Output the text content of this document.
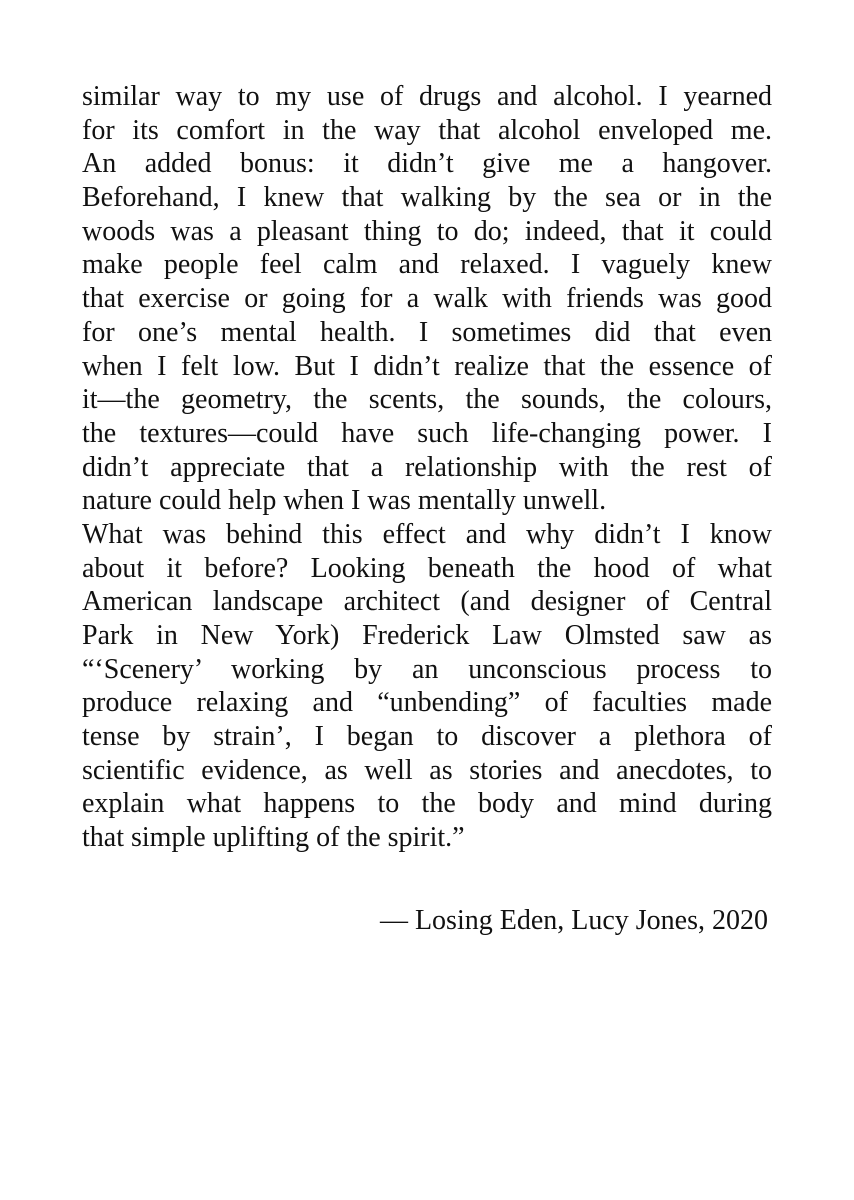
similar way to my use of drugs and alcohol. I yearned
for its comfort in the way that alcohol enveloped me.
An added bonus: it didn’t give me a hangover.
Beforehand, I knew that walking by the sea or in the
woods was a pleasant thing to do; indeed, that it could
make people feel calm and relaxed. I vaguely knew
that exercise or going for a walk with friends was good
for one’s mental health. I sometimes did that even
when I felt low. But I didn’t realize that the essence of
it—the geometry, the scents, the sounds, the colours,
the textures—could have such life-changing power. I
didn’t appreciate that a relationship with the rest of
nature could help when I was mentally unwell.
What was behind this effect and why didn’t I know
about it before? Looking beneath the hood of what
American landscape architect (and designer of Central
Park in New York) Frederick Law Olmsted saw as
“‘Scenery’ working by an unconscious process to
produce relaxing and “unbending” of faculties made
tense by strain’, I began to discover a plethora of
scientific evidence, as well as stories and anecdotes, to
explain what happens to the body and mind during
that simple uplifting of the spirit.”
— Losing Eden, Lucy Jones, 2020
